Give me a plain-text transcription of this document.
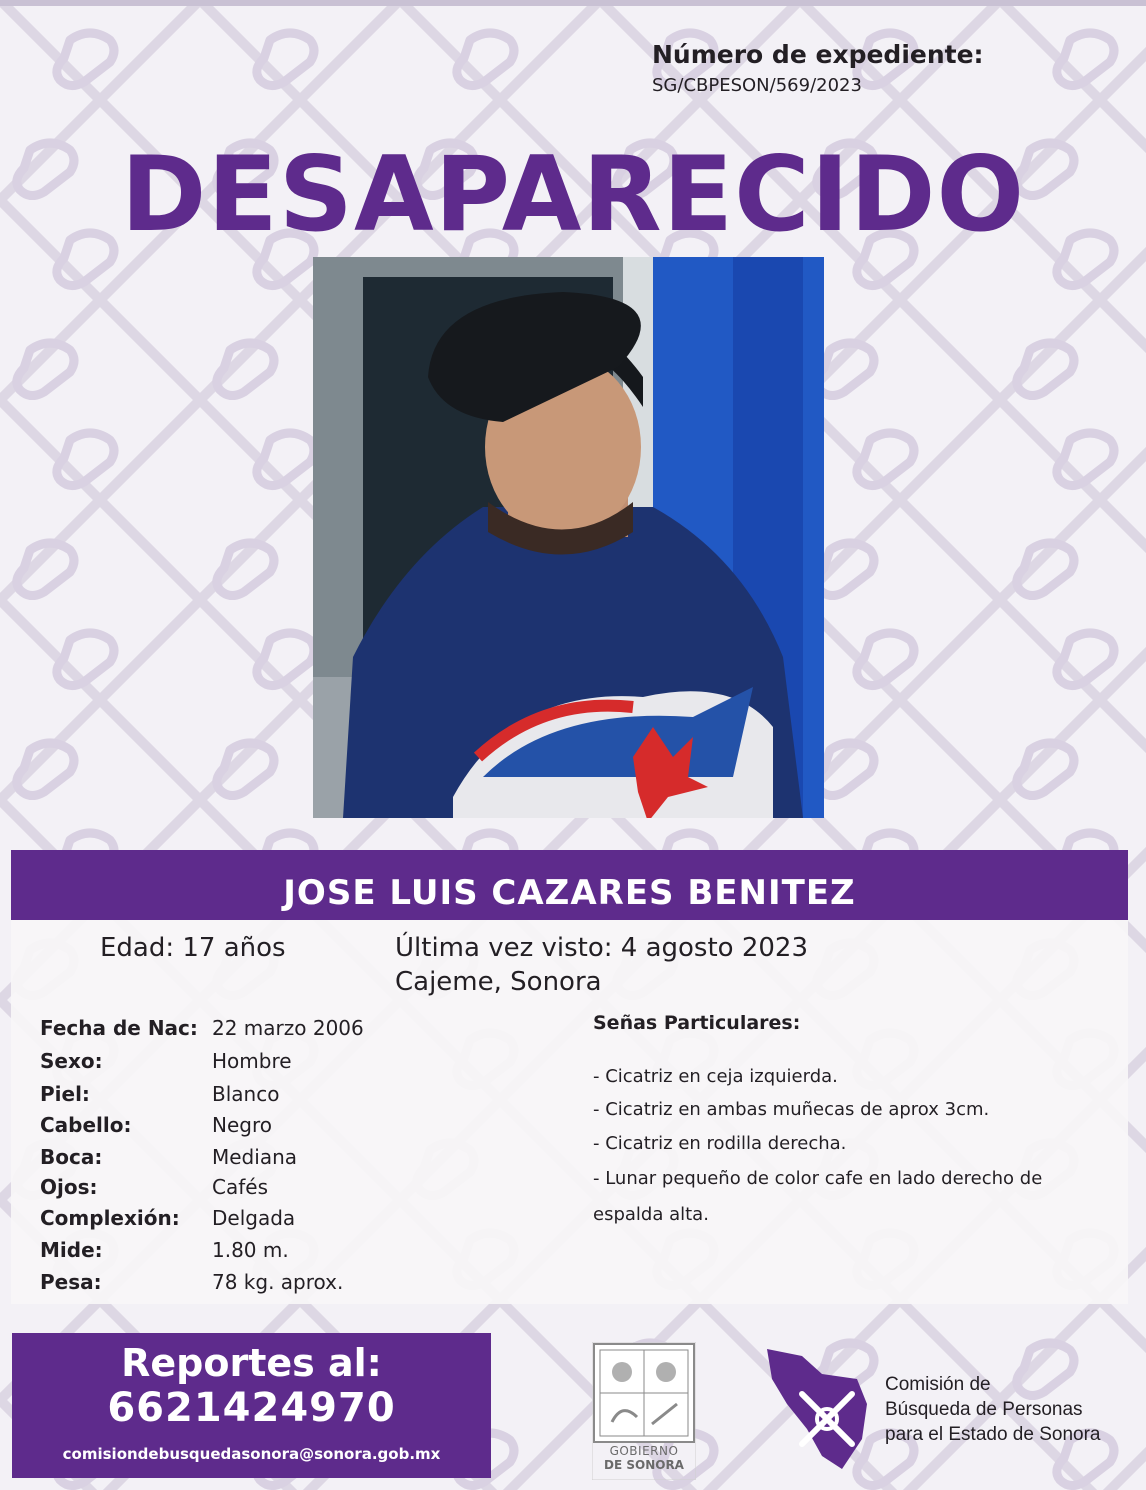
Número de expediente:
SG/CBPESON/569/2023
DESAPARECIDO
JOSE LUIS CAZARES BENITEZ
Edad: 17 años	Última vez visto: 4 agosto 2023
Cajeme, Sonora
Fecha de Nac: 22 marzo 2006
Sexo:	Hombre
Piel:	Blanco
Cabello:	Negro
Boca:	Mediana
Ojos:	Cafés
Complexión: Delgada
Mide:	1.80 m.
Pesa:	78 kg. aprox.
Señas Particulares:
- Cicatriz en ceja izquierda.
- Cicatriz en ambas muñecas de aprox 3cm.
- Cicatriz en rodilla derecha.
- Lunar pequeño de color cafe en lado derecho de
espalda alta.
Reportes al:
6621424970
comisiondebusquedasonora@sonora.gob.mx	GOBIERNO
DE SONORA
Comisión de
Búsqueda de Personas
para el Estado de Sonora
